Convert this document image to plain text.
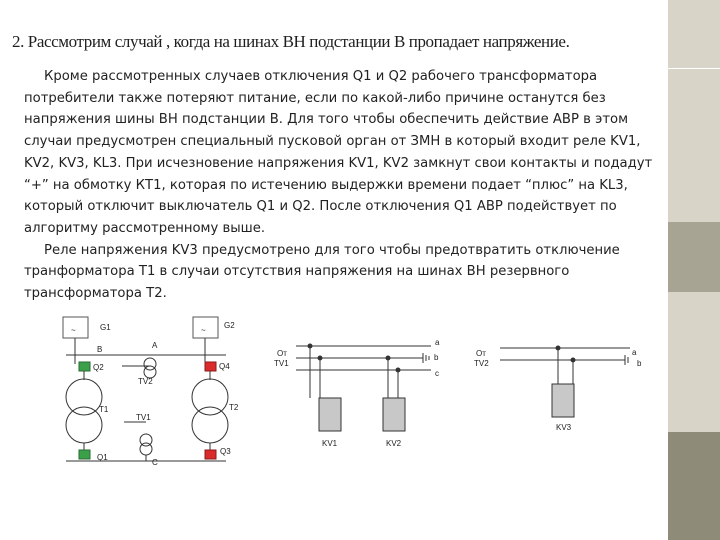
2. Рассмотрим случай , когда на шинах ВН подстанции В пропадает напряжение.

Кроме рассмотренных случаев отключения Q1 и Q2 рабочего трансформатора потребители также потеряют питание, если по какой-либо причине останутся без напряжения шины ВН подстанции В. Для того чтобы обеспечить действие АВР в этом случаи предусмотрен специальный пусковой орган от ЗМН в который входит реле KV1, KV2, KV3, KL3. При исчезновение напряжения KV1, KV2 замкнут свои контакты и подадут “+” на обмотку КТ1, которая по истечению выдержки времени подает “плюс” на KL3, который отключит выключатель Q1 и Q2. После отключения Q1 АВР подействует по алгоритму рассмотренному выше.

Реле напряжения KV3 предусмотрено для того чтобы предотвратить отключение транформатора Т1 в случаи отсутствия напряжения на шинах ВН резервного трансформатора Т2.

~	G1
B
~
G2
A
Q2	Q4
TV2
T1	T2
Q1
Q3
C
TV1
От
TV1
a
b
c
KV1	KV2
От
TV2
a
b
KV3
